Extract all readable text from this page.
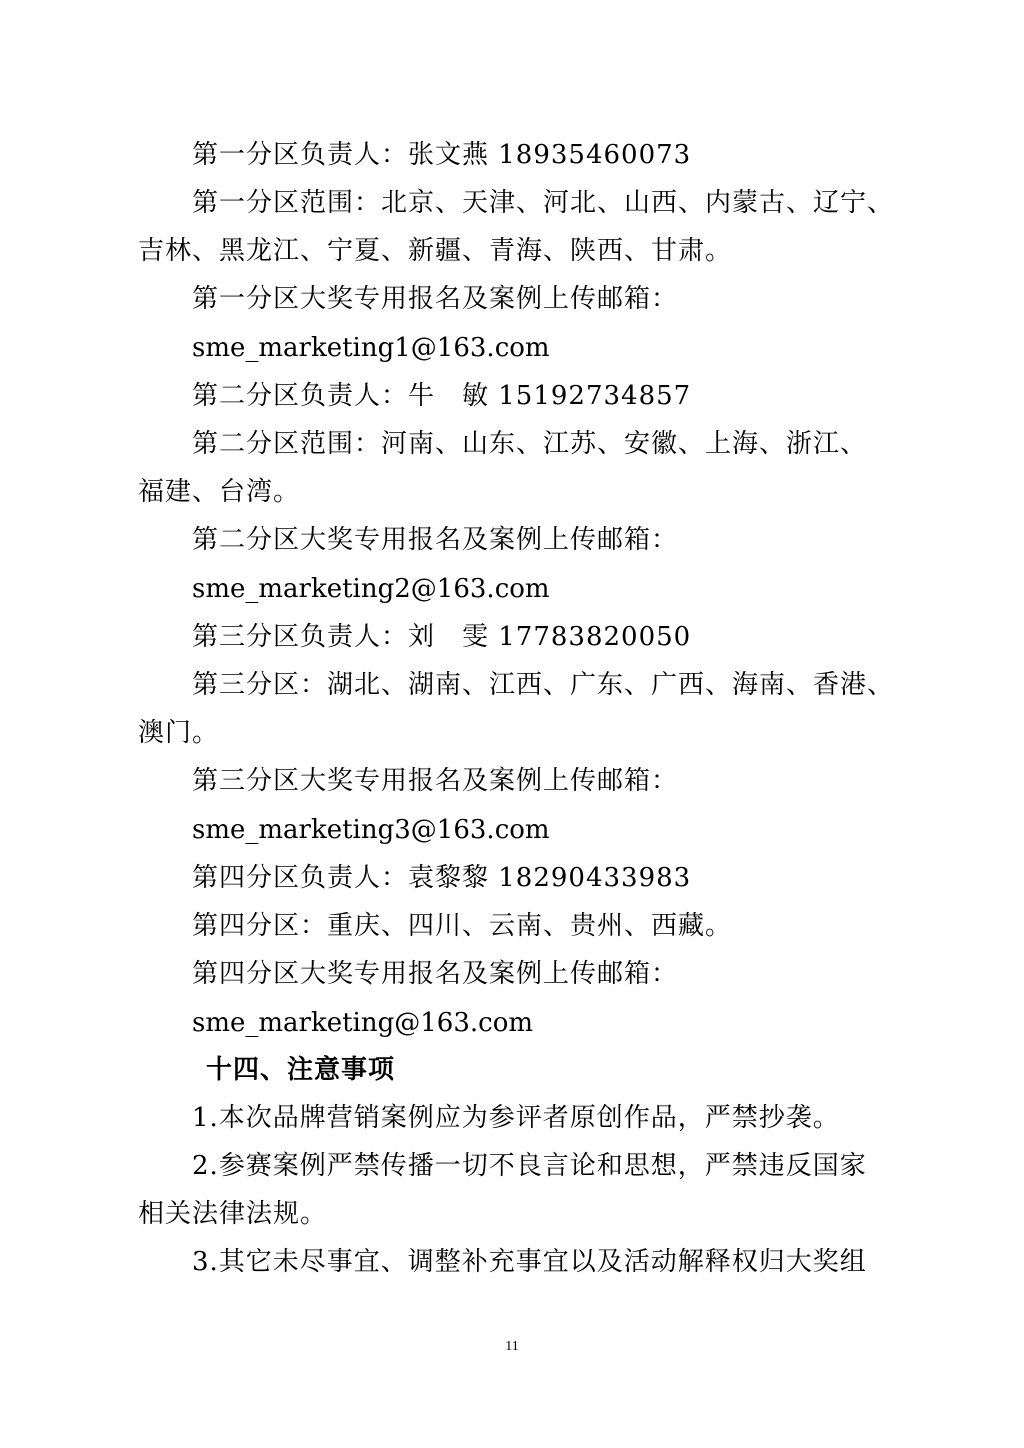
第一分区负责人：张文燕 18935460073
第一分区范围：北京、天津、河北、山西、内蒙古、辽宁、
吉林、黑龙江、宁夏、新疆、青海、陕西、甘肃。
第一分区大奖专用报名及案例上传邮箱：
sme_marketing1@163.com
第二分区负责人：牛　敏 15192734857
第二分区范围：河南、山东、江苏、安徽、上海、浙江、
福建、台湾。
第二分区大奖专用报名及案例上传邮箱：
sme_marketing2@163.com
第三分区负责人：刘　雯 17783820050
第三分区：湖北、湖南、江西、广东、广西、海南、香港、
澳门。
第三分区大奖专用报名及案例上传邮箱：
sme_marketing3@163.com
第四分区负责人：袁黎黎 18290433983
第四分区：重庆、四川、云南、贵州、西藏。
第四分区大奖专用报名及案例上传邮箱：
sme_marketing@163.com
十四、注意事项
1.本次品牌营销案例应为参评者原创作品，严禁抄袭。
2.参赛案例严禁传播一切不良言论和思想，严禁违反国家
相关法律法规。
3.其它未尽事宜、调整补充事宜以及活动解释权归大奖组
11
